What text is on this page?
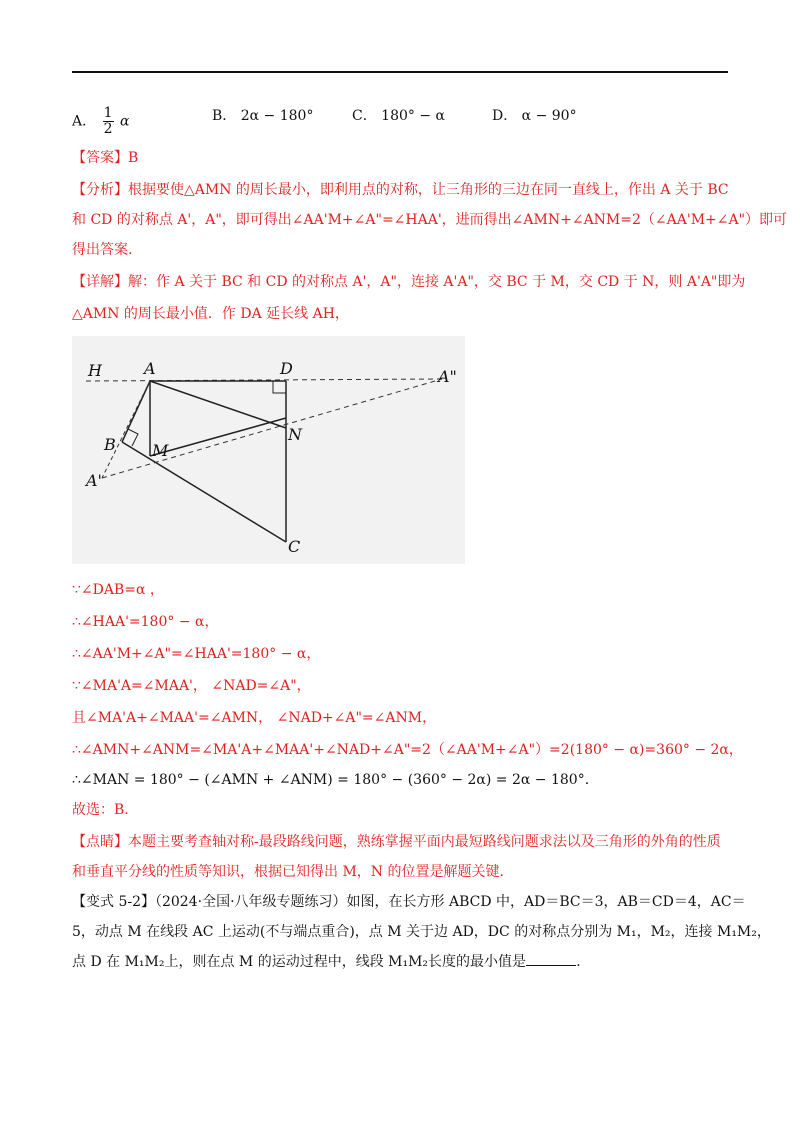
A． $\frac{1}{2}$ α	B． 2α − 180°	C． 180° − α	D． α − 90°
【答案】B
【分析】根据要使△AMN 的周长最小，即利用点的对称，让三角形的三边在同一直线上，作出 A 关于 BC
和 CD 的对称点 A'，A"，即可得出∠AA'M+∠A"=∠HAA'，进而得出∠AMN+∠ANM=2（∠AA'M+∠A"）即可
得出答案.
【详解】解：作 A 关于 BC 和 CD 的对称点 A'，A"，连接 A'A"，交 BC 于 M，交 CD 于 N，则 A'A"即为
△AMN 的周长最小值．作 DA 延长线 AH，
H	A	D	A"
B M
N
A'
C
∵∠DAB=α ，
∴∠HAA'=180° − α，
∴∠AA'M+∠A"=∠HAA'=180° − α，
∵∠MA'A=∠MAA'， ∠NAD=∠A"，
且∠MA'A+∠MAA'=∠AMN， ∠NAD+∠A"=∠ANM，
∴∠AMN+∠ANM=∠MA'A+∠MAA'+∠NAD+∠A"=2（∠AA'M+∠A"）=2(180° − α)=360° − 2α，
∴∠MAN = 180° − (∠AMN + ∠ANM) = 180° − (360° − 2α) = 2α − 180°.
故选：B.
【点睛】本题主要考查轴对称-最段路线问题，熟练掌握平面内最短路线问题求法以及三角形的外角的性质
和垂直平分线的性质等知识，根据已知得出 M，N 的位置是解题关键.
【变式 5-2】（2024·全国·八年级专题练习）如图，在长方形 ABCD 中，AD＝BC＝3，AB＝CD＝4，AC＝
5，动点 M 在线段 AC 上运动(不与端点重合)，点 M 关于边 AD，DC 的对称点分别为 M₁，M₂，连接 M₁M₂，
点 D 在 M₁M₂上，则在点 M 的运动过程中，线段 M₁M₂长度的最小值是	.
